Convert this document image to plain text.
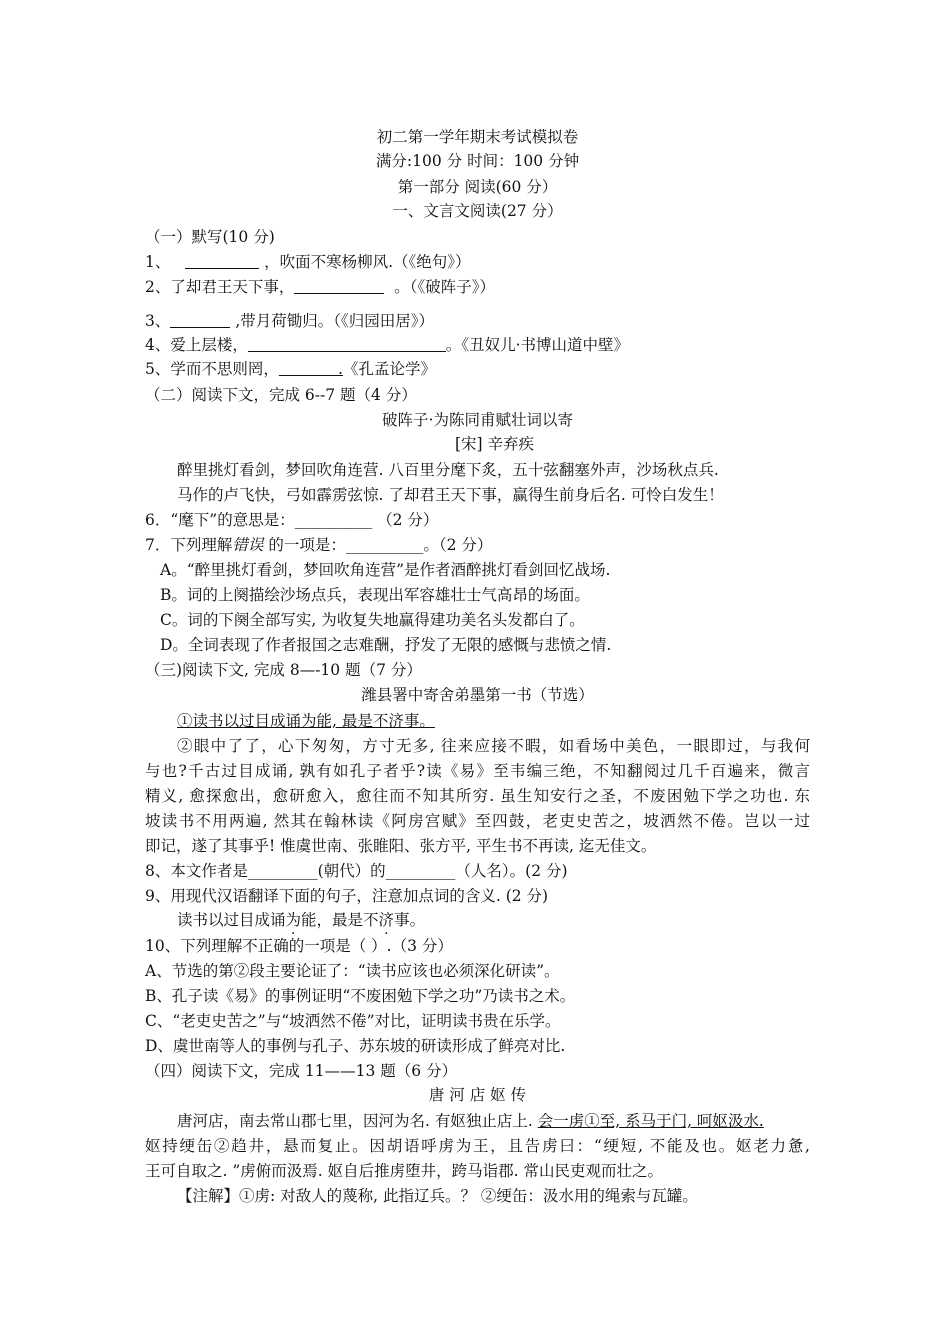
初二第一学年期末考试模拟卷
满分:100 分 时间：100 分钟
第一部分 阅读(60 分）
一、文言文阅读(27 分）
（一）默写(10 分)
1、	，吹面不寒杨柳风.（《绝句》）
2、了却君王天下事，	。（《破阵子》）
3、	,带月荷锄归。（《归园田居》）
4、爱上层楼，	。《丑奴儿·书博山道中壁》
5、学而不思则罔，            .《孔孟论学》
（二）阅读下文，完成 6--7 题（4 分）
破阵子·为陈同甫赋壮词以寄
[宋] 辛弃疾
醉里挑灯看剑，梦回吹角连营. 八百里分麾下炙，五十弦翻塞外声，沙场秋点兵.
马作的卢飞快，弓如霹雳弦惊. 了却君王天下事，赢得生前身后名. 可怜白发生！
6．“麾下”的意思是：__________ （2 分）
7．下列理解错误 的一项是：__________。（2 分）
A。“醉里挑灯看剑，梦回吹角连营”是作者酒醉挑灯看剑回忆战场.
B。词的上阕描绘沙场点兵，表现出军容雄壮士气高昂的场面。
C。词的下阕全部写实, 为收复失地赢得建功美名头发都白了。
D。全词表现了作者报国之志难酬，抒发了无限的感慨与悲愤之情.
（三)阅读下文, 完成 8—-10 题（7 分）
潍县署中寄舍弟墨第一书（节选）
①读书以过目成诵为能, 最是不济事。
②眼中了了，心下匆匆，方寸无多, 往来应接不暇，如看场中美色，一眼即过，与我何
与也?千古过目成诵, 孰有如孔子者乎?读《易》至韦编三绝，不知翻阅过几千百遍来，微言
精义, 愈探愈出，愈研愈入，愈往而不知其所穷. 虽生知安行之圣，不废困勉下学之功也. 东
坡读书不用两遍, 然其在翰林读《阿房宫赋》至四鼓，老吏史苦之，坡洒然不倦。岂以一过
即记，遂了其事乎! 惟虞世南、张睢阳、张方平, 平生书不再读, 迄无佳文。
8、本文作者是_________(朝代）的_________（人名）。(2 分)
9、用现代汉语翻译下面的句子，注意加点词的含义. (2 分)
读书以过目成诵为能，最是不济事。
10、下列理解不正确的一项是（ ）.（3 分）
A、节选的第②段主要论证了：“读书应该也必须深化研读”。
B、孔子读《易》的事例证明“不废困勉下学之功”乃读书之术。
C、“老吏史苦之”与“坡洒然不倦”对比，证明读书贵在乐学。
D、虞世南等人的事例与孔子、苏东坡的研读形成了鲜亮对比.
（四）阅读下文，完成 11——13 题（6 分）
唐 河 店 妪 传
唐河店，南去常山郡七里，因河为名. 有妪独止店上. 会一虏①至, 系马于门, 呵妪汲水.
妪持绠缶②趋井，悬而复止。因胡语呼虏为王，且告虏曰：“绠短, 不能及也。妪老力惫,
王可自取之. ”虏俯而汲焉. 妪自后推虏堕井，跨马诣郡. 常山民吏观而壮之。
【注解】①虏: 对敌人的蔑称, 此指辽兵。？ ②绠缶：汲水用的绳索与瓦罐。
